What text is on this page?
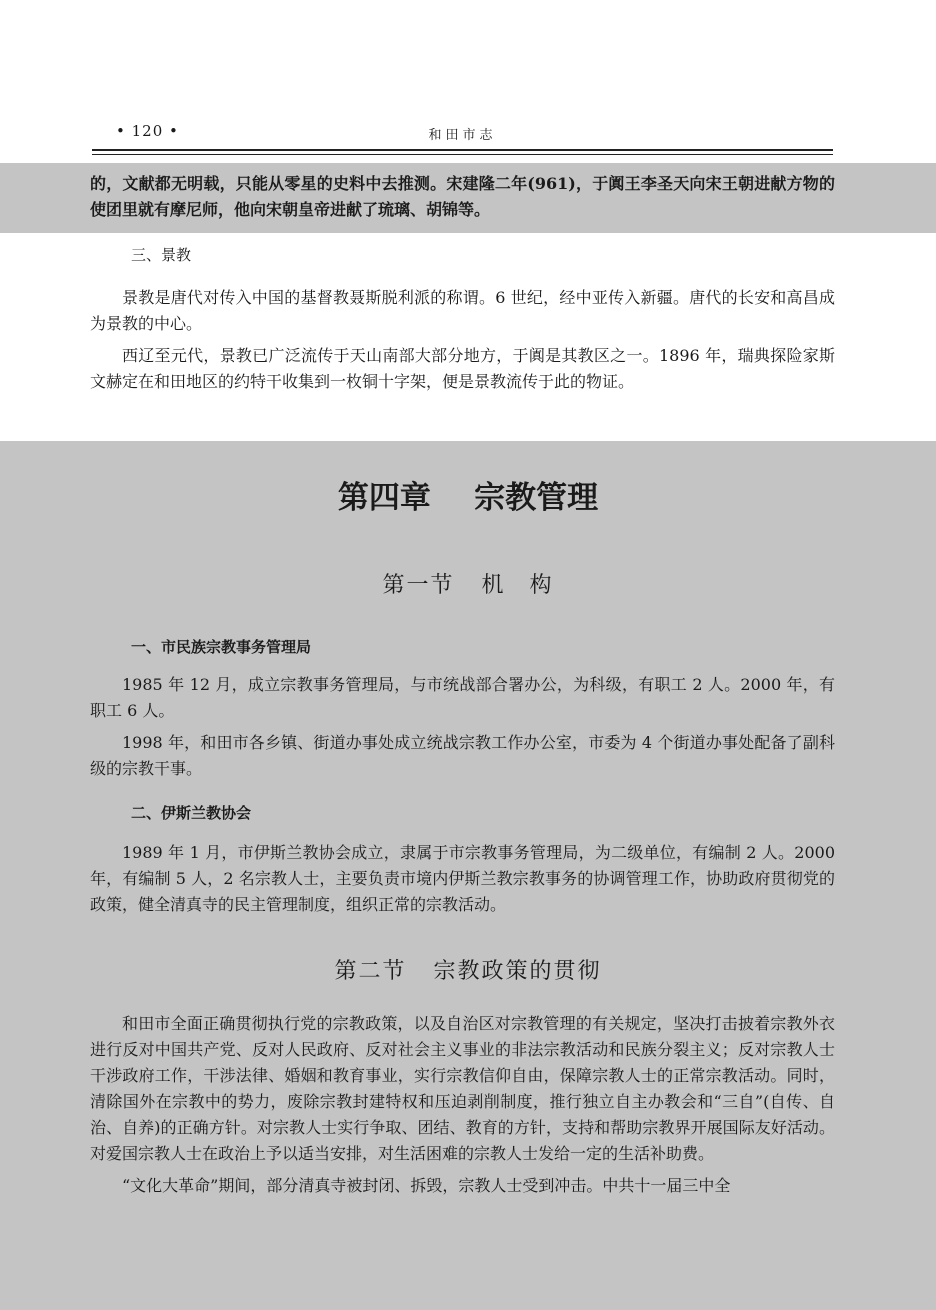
• 120 •	和田市志

的，文献都无明载，只能从零星的史料中去推测。宋建隆二年(961)，于阗王李圣天向宋王朝进献方物的使团里就有摩尼师，他向宋朝皇帝进献了琉璃、胡锦等。

三、景教

景教是唐代对传入中国的基督教聂斯脱利派的称谓。6 世纪，经中亚传入新疆。唐代的长安和高昌成为景教的中心。

西辽至元代，景教已广泛流传于天山南部大部分地方，于阗是其教区之一。1896 年，瑞典探险家斯文赫定在和田地区的约特干收集到一枚铜十字架，便是景教流传于此的物证。

第四章 宗教管理
第一节 机　构
一、市民族宗教事务管理局

1985 年 12 月，成立宗教事务管理局，与市统战部合署办公，为科级，有职工 2 人。2000 年，有职工 6 人。

1998 年，和田市各乡镇、街道办事处成立统战宗教工作办公室，市委为 4 个街道办事处配备了副科级的宗教干事。

二、伊斯兰教协会

1989 年 1 月，市伊斯兰教协会成立，隶属于市宗教事务管理局，为二级单位，有编制 2 人。2000 年，有编制 5 人，2 名宗教人士，主要负责市境内伊斯兰教宗教事务的协调管理工作，协助政府贯彻党的政策，健全清真寺的民主管理制度，组织正常的宗教活动。

第二节 宗教政策的贯彻

和田市全面正确贯彻执行党的宗教政策，以及自治区对宗教管理的有关规定，坚决打击披着宗教外衣进行反对中国共产党、反对人民政府、反对社会主义事业的非法宗教活动和民族分裂主义；反对宗教人士干涉政府工作，干涉法律、婚姻和教育事业，实行宗教信仰自由，保障宗教人士的正常宗教活动。同时，清除国外在宗教中的势力，废除宗教封建特权和压迫剥削制度，推行独立自主办教会和“三自”(自传、自治、自养)的正确方针。对宗教人士实行争取、团结、教育的方针，支持和帮助宗教界开展国际友好活动。对爱国宗教人士在政治上予以适当安排，对生活困难的宗教人士发给一定的生活补助费。

“文化大革命”期间，部分清真寺被封闭、拆毁，宗教人士受到冲击。中共十一届三中全
